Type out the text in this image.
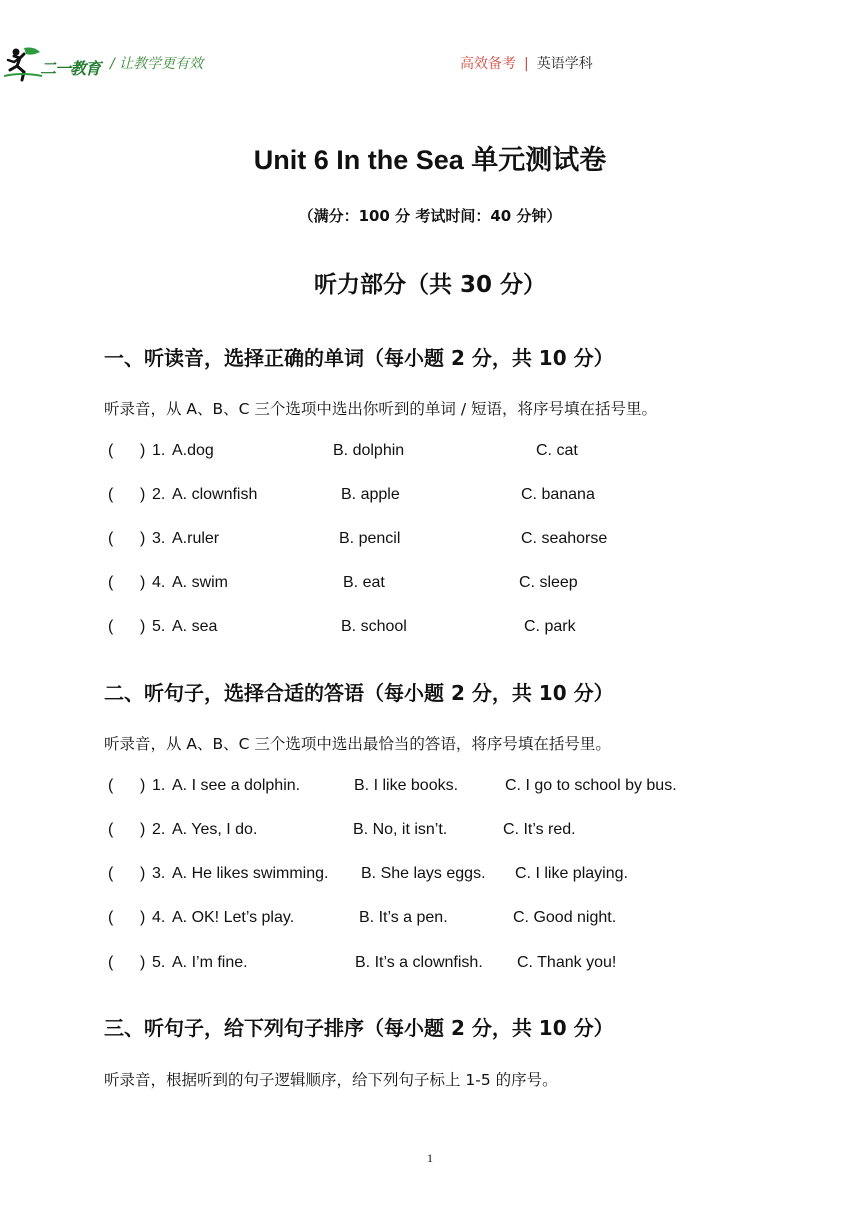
二一教育 / 让教学更有效	高效备考 | 英语学科
Unit 6 In the Sea 单元测试卷
（满分：100 分 考试时间：40 分钟）
听力部分（共 30 分）
一、听读音，选择正确的单词（每小题 2 分，共 10 分）
听录音，从 A、B、C 三个选项中选出你听到的单词 / 短语，将序号填在括号里。
( ) 1. A.dog	B. dolphin	C. cat
( ) 2. A. clownfish	B. apple	C. banana
( ) 3. A.ruler	B. pencil	C. seahorse
( ) 4. A. swim	B. eat	C. sleep
( ) 5. A. sea	B. school	C. park
二、听句子，选择合适的答语（每小题 2 分，共 10 分）
听录音，从 A、B、C 三个选项中选出最恰当的答语，将序号填在括号里。
( ) 1. A. I see a dolphin.	B. I like books.	C. I go to school by bus.
( ) 2. A. Yes, I do.	B. No, it isn’t.	C. It’s red.
( ) 3. A. He likes swimming. B. She lays eggs. C. I like playing.
( ) 4. A. OK! Let’s play.	B. It’s a pen.	C. Good night.
( ) 5. A. I’m fine.	B. It’s a clownfish. C. Thank you!
三、听句子，给下列句子排序（每小题 2 分，共 10 分）
听录音，根据听到的句子逻辑顺序，给下列句子标上 1-5 的序号。
1
